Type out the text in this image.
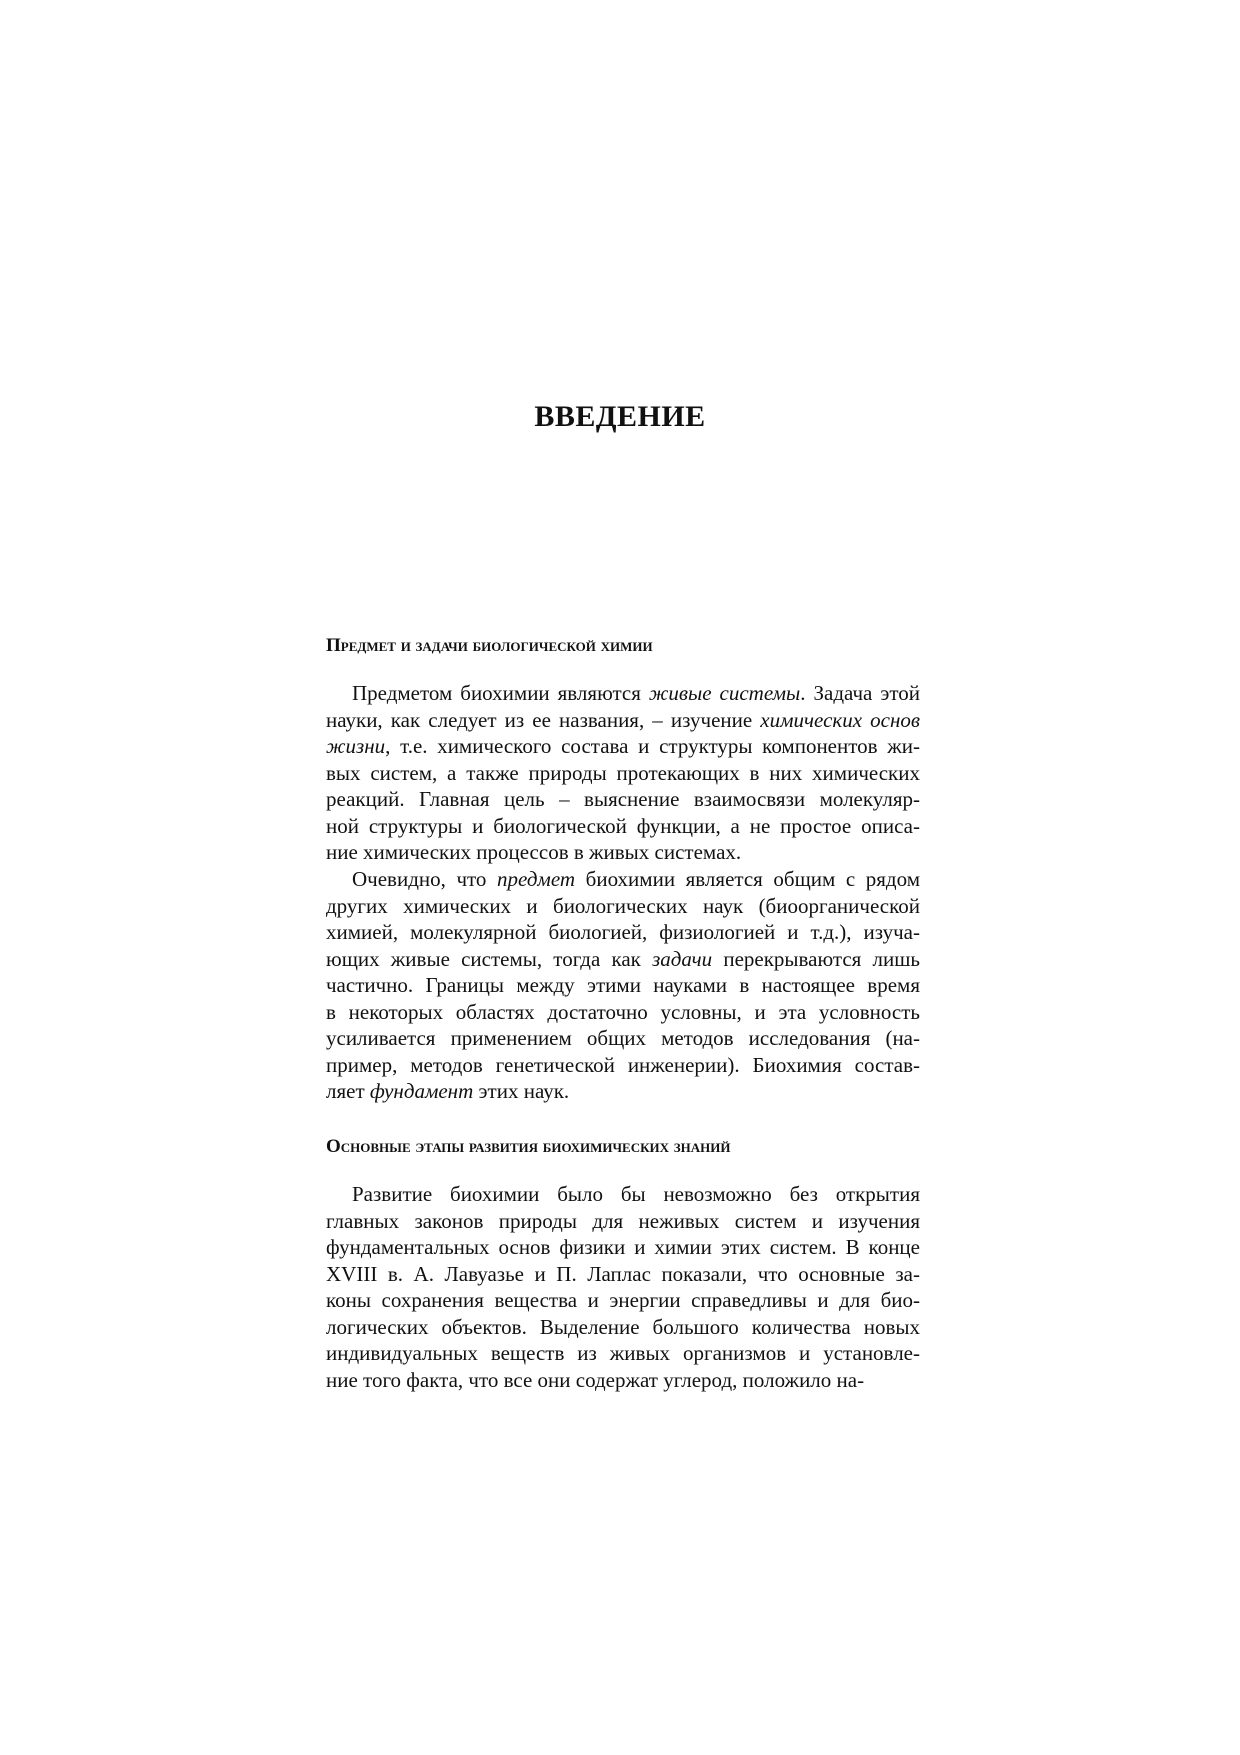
ВВЕДЕНИЕ
Предмет и задачи биологической химии
Предметом биохимии являются живые системы. Задача этой
науки, как следует из ее названия, – изучение химических основ
жизни, т.е. химического состава и структуры компонентов жи-
вых систем, а также природы протекающих в них химических
реакций. Главная цель – выяснение взаимосвязи молекуляр-
ной структуры и биологической функции, а не простое описа-
ние химических процессов в живых системах.
Очевидно, что предмет биохимии является общим с рядом
других химических и биологических наук (биоорганической
химией, молекулярной биологией, физиологией и т.д.), изуча-
ющих живые системы, тогда как задачи перекрываются лишь
частично. Границы между этими науками в настоящее время
в некоторых областях достаточно условны, и эта условность
усиливается применением общих методов исследования (на-
пример, методов генетической инженерии). Биохимия состав-
ляет фундамент этих наук.
Основные этапы развития биохимических знаний
Развитие биохимии было бы невозможно без открытия
главных законов природы для неживых систем и изучения
фундаментальных основ физики и химии этих систем. В конце
XVIII в. А. Лавуазье и П. Лаплас показали, что основные за-
коны сохранения вещества и энергии справедливы и для био-
логических объектов. Выделение большого количества новых
индивидуальных веществ из живых организмов и установле-
ние того факта, что все они содержат углерод, положило на-
